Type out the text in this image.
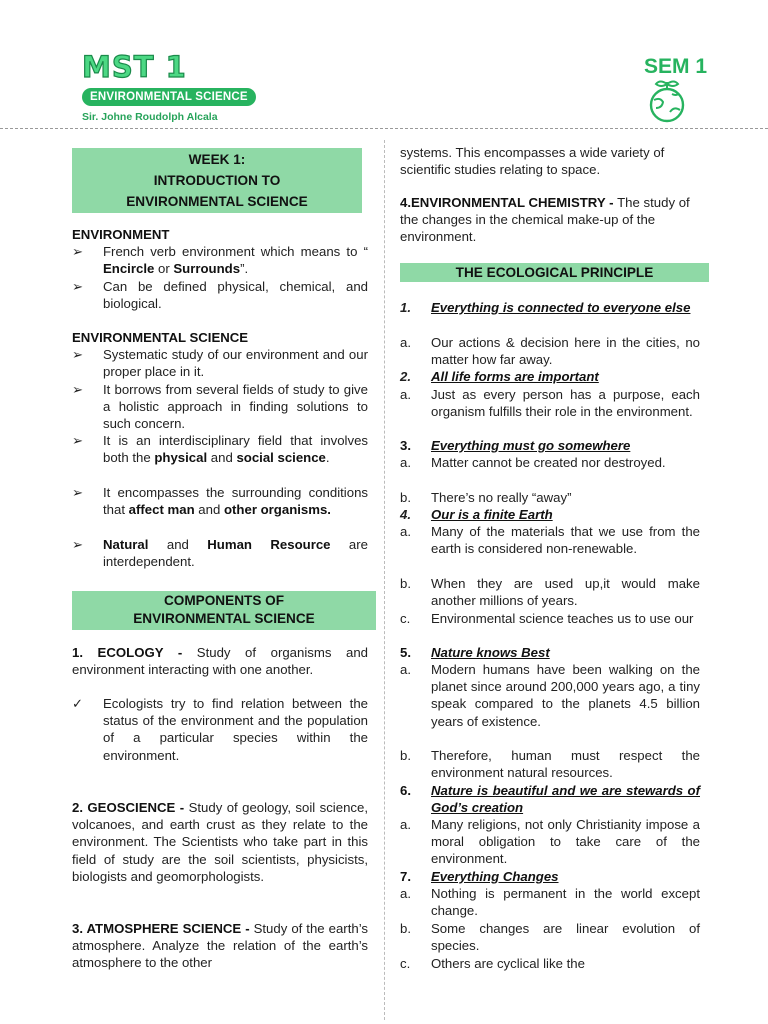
MST 1
ENVIRONMENTAL SCIENCE
Sir. Johne Roudolph Alcala
SEM 1
WEEK 1:
INTRODUCTION TO
ENVIRONMENTAL SCIENCE
ENVIRONMENT
➢ French verb environment which means to “ Encircle or Surrounds”.
➢ Can be defined physical, chemical, and biological.
ENVIRONMENTAL SCIENCE
➢ Systematic study of our environment and our proper place in it.
➢ It borrows from several fields of study to give a holistic approach in finding solutions to such concern.
➢ It is an interdisciplinary field that involves both the physical and social science.
➢ It encompasses the surrounding conditions that affect man and other organisms.
➢ Natural and Human Resource are interdependent.
COMPONENTS OF
ENVIRONMENTAL SCIENCE
1. ECOLOGY - Study of organisms and environment interacting with one another.
✓ Ecologists try to find relation between the status of the environment and the population of a particular species within the environment.
2. GEOSCIENCE - Study of geology, soil science, volcanoes, and earth crust as they relate to the environment. The Scientists who take part in this field of study are the soil scientists, physicists, biologists and geomorphologists.
3. ATMOSPHERE SCIENCE - Study of the earth’s atmosphere. Analyze the relation of the earth’s atmosphere to the other
systems. This encompasses a wide variety of scientific studies relating to space.
4.ENVIRONMENTAL CHEMISTRY - The study of the changes in the chemical make-up of the environment.
THE ECOLOGICAL PRINCIPLE
1. Everything is connected to everyone else
a. Our actions & decision here in the cities, no matter how far away.
2. All life forms are important
a. Just as every person has a purpose, each organism fulfills their role in the environment.
3. Everything must go somewhere
a. Matter cannot be created nor destroyed.
b. There’s no really “away”
4. Our is a finite Earth
a. Many of the materials that we use from the earth is considered non-renewable.
b. When they are used up,it would make another millions of years.
c. Environmental science teaches us to use our
5. Nature knows Best
a. Modern humans have been walking on the planet since around 200,000 years ago, a tiny speak compared to the planets 4.5 billion years of existence.
b. Therefore, human must respect the environment natural resources.
6. Nature is beautiful and we are stewards of God’s creation
a. Many religions, not only Christianity impose a moral obligation to take care of the environment.
7. Everything Changes
a. Nothing is permanent in the world except change.
b. Some changes are linear evolution of species.
c. Others are cyclical like the
